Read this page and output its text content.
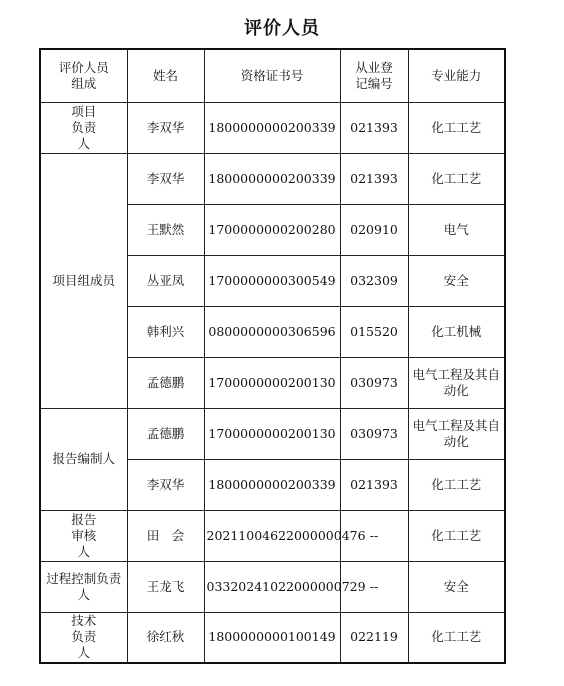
评价人员
评价人员组成	姓名	资格证书号	从业登记编号	专业能力
项目负责人	李双华	1800000000200339	021393	化工工艺
项目组成员	李双华	1800000000200339	021393	化工工艺
	王默然	1700000000200280	020910	电气
	丛亚凤	1700000000300549	032309	安全
	韩利兴	0800000000306596	015520	化工机械
	孟德鹏	1700000000200130	030973	电气工程及其自动化
报告编制人	孟德鹏	1700000000200130	030973	电气工程及其自动化
	李双华	1800000000200339	021393	化工工艺
报告审核人	田　会	20211004622000000476	--	化工工艺
过程控制负责人	王龙飞	03320241022000000729	--	安全
技术负责人	徐红秋	1800000000100149	022119	化工工艺
